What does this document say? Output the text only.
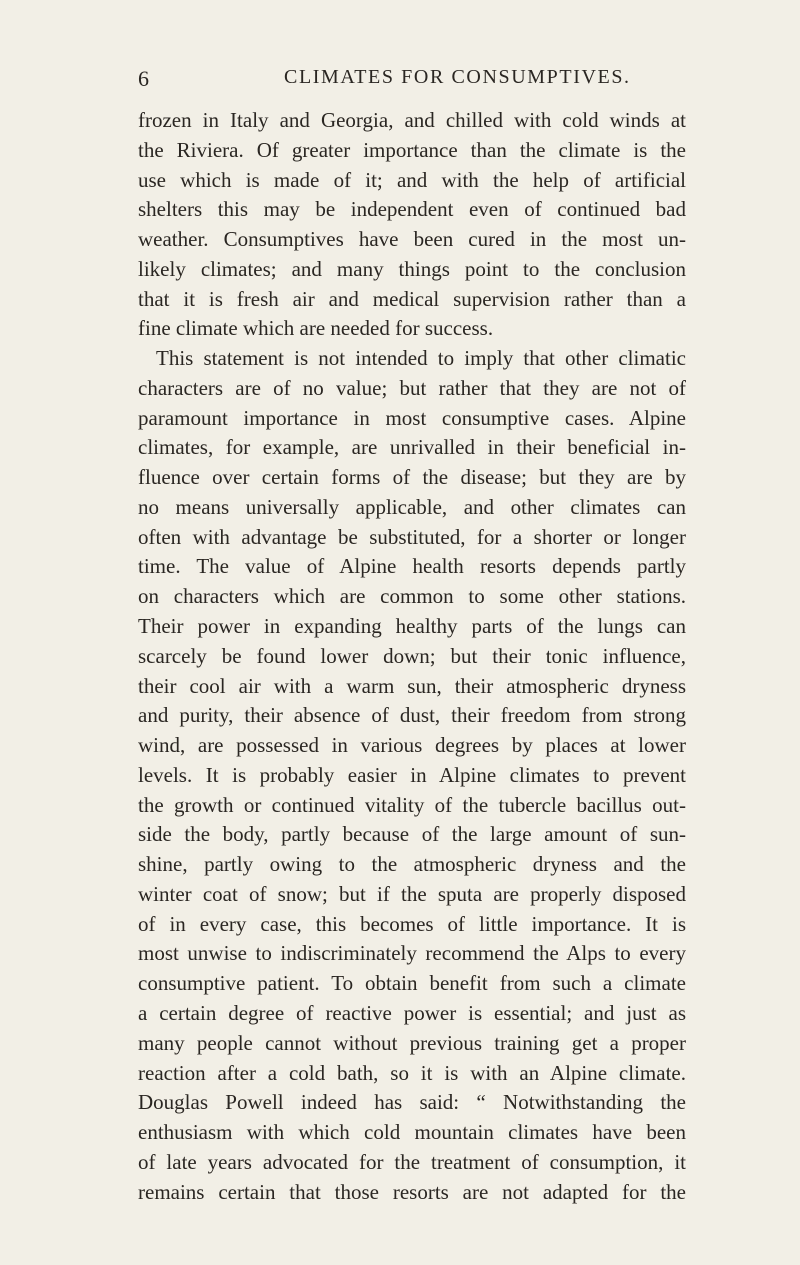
6	CLIMATES FOR CONSUMPTIVES.
frozen in Italy and Georgia, and chilled with cold winds at
the Riviera. Of greater importance than the climate is the
use which is made of it; and with the help of artificial
shelters this may be independent even of continued bad
weather. Consumptives have been cured in the most un-
likely climates; and many things point to the conclusion
that it is fresh air and medical supervision rather than a
fine climate which are needed for success.
This statement is not intended to imply that other climatic
characters are of no value; but rather that they are not of
paramount importance in most consumptive cases. Alpine
climates, for example, are unrivalled in their beneficial in-
fluence over certain forms of the disease; but they are by
no means universally applicable, and other climates can
often with advantage be substituted, for a shorter or longer
time. The value of Alpine health resorts depends partly
on characters which are common to some other stations.
Their power in expanding healthy parts of the lungs can
scarcely be found lower down; but their tonic influence,
their cool air with a warm sun, their atmospheric dryness
and purity, their absence of dust, their freedom from strong
wind, are possessed in various degrees by places at lower
levels. It is probably easier in Alpine climates to prevent
the growth or continued vitality of the tubercle bacillus out-
side the body, partly because of the large amount of sun-
shine, partly owing to the atmospheric dryness and the
winter coat of snow; but if the sputa are properly disposed
of in every case, this becomes of little importance. It is
most unwise to indiscriminately recommend the Alps to every
consumptive patient. To obtain benefit from such a climate
a certain degree of reactive power is essential; and just as
many people cannot without previous training get a proper
reaction after a cold bath, so it is with an Alpine climate.
Douglas Powell indeed has said: “ Notwithstanding the
enthusiasm with which cold mountain climates have been
of late years advocated for the treatment of consumption, it
remains certain that those resorts are not adapted for the
